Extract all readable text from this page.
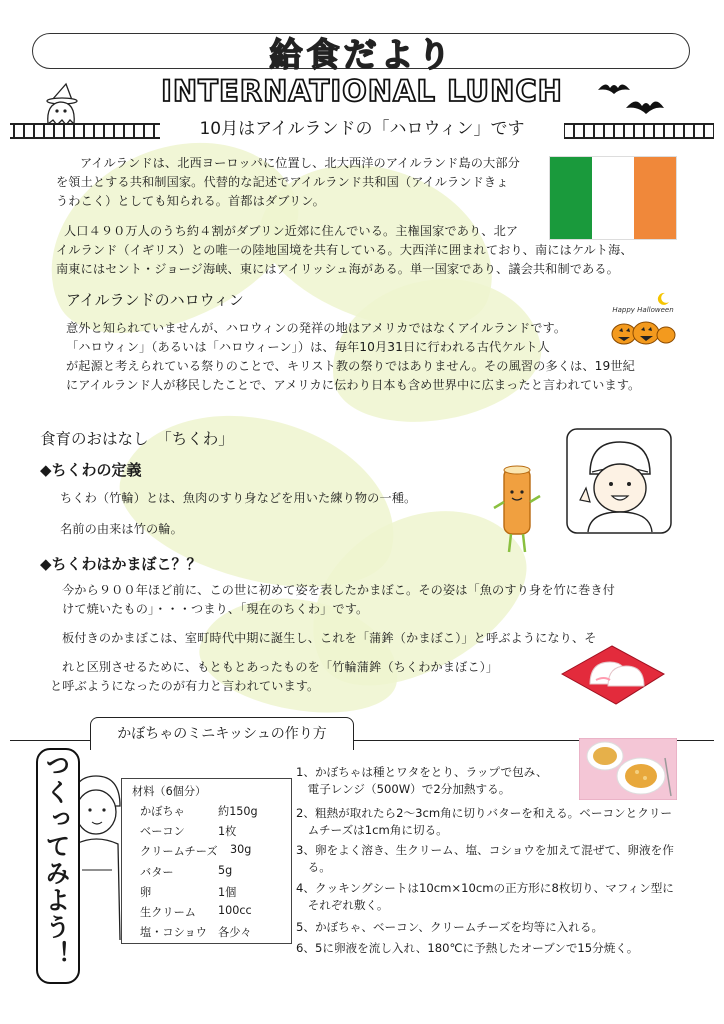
給食だより
INTERNATIONAL LUNCH
10月はアイルランドの「ハロウィン」です
アイルランドは、北西ヨーロッパに位置し、北大西洋のアイルランド島の大部分
を領土とする共和制国家。代替的な記述でアイルランド共和国（アイルランドきょ
うわこく）としても知られる。首都はダブリン。
人口４９０万人のうち約４割がダブリン近郊に住んでいる。主権国家であり、北ア
イルランド（イギリス）との唯一の陸地国境を共有している。大西洋に囲まれており、南にはケルト海、
南東にはセント・ジョージ海峡、東にはアイリッシュ海がある。単一国家であり、議会共和制である。
アイルランドのハロウィン
Happy Halloween
意外と知られていませんが、ハロウィンの発祥の地はアメリカではなくアイルランドです。
「ハロウィン」（あるいは「ハロウィーン」）は、毎年10月31日に行われる古代ケルト人
が起源と考えられている祭りのことで、キリスト教の祭りではありません。その風習の多くは、19世紀
にアイルランド人が移民したことで、アメリカに伝わり日本も含め世界中に広まったと言われています。
食育のおはなし　「ちくわ」
◆ちくわの定義
ちくわ（竹輪）とは、魚肉のすり身などを用いた練り物の一種。
名前の由来は竹の輪。
◆ちくわはかまぼこ？？
今から９００年ほど前に、この世に初めて姿を表したかまぼこ。その姿は「魚のすり身を竹に巻き付
けて焼いたもの」・・・つまり、「現在のちくわ」です。
板付きのかまぼこは、室町時代中期に誕生し、これを「蒲鉾（かまぼこ）」と呼ぶようになり、そ
れと区別させるために、もともとあったものを「竹輪蒲鉾（ちくわかまぼこ）」
と呼ぶようになったのが有力と言われています。
かぼちゃのミニキッシュの作り方
つくってみよう！	材料（6個分）
かぼちゃ	約150g
ベーコン	1枚
クリームチーズ 30g
バター	5g
卵	1個
生クリーム 100cc
塩・コショウ 各少々
1、かぼちゃは種とワタをとり、ラップで包み、
　電子レンジ（500W）で2分加熱する。
2、粗熱が取れたら2〜3cm角に切りバターを和える。ベーコンとクリー
　ムチーズは1cm角に切る。
3、卵をよく溶き、生クリーム、塩、コショウを加えて混ぜて、卵液を作
　る。
4、クッキングシートは10cm×10cmの正方形に8枚切り、マフィン型に
　それぞれ敷く。
5、かぼちゃ、ベーコン、クリームチーズを均等に入れる。
6、5に卵液を流し入れ、180℃に予熱したオーブンで15分焼く。
